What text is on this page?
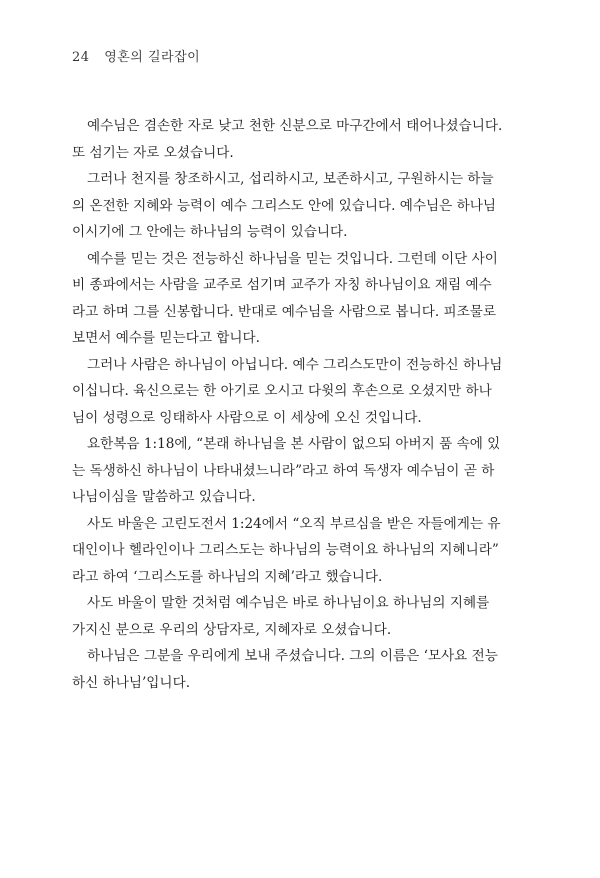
24 영혼의 길라잡이

예수님은 겸손한 자로 낮고 천한 신분으로 마구간에서 태어나셨습니다.
또 섬기는 자로 오셨습니다.

그러나 천지를 창조하시고, 섭리하시고, 보존하시고, 구원하시는 하늘
의 온전한 지혜와 능력이 예수 그리스도 안에 있습니다. 예수님은 하나님
이시기에 그 안에는 하나님의 능력이 있습니다.

예수를 믿는 것은 전능하신 하나님을 믿는 것입니다. 그런데 이단 사이
비 종파에서는 사람을 교주로 섬기며 교주가 자칭 하나님이요 재림 예수
라고 하며 그를 신봉합니다. 반대로 예수님을 사람으로 봅니다. 피조물로
보면서 예수를 믿는다고 합니다.

그러나 사람은 하나님이 아닙니다. 예수 그리스도만이 전능하신 하나님
이십니다. 육신으로는 한 아기로 오시고 다윗의 후손으로 오셨지만 하나
님이 성령으로 잉태하사 사람으로 이 세상에 오신 것입니다.

요한복음 1:18에, “본래 하나님을 본 사람이 없으되 아버지 품 속에 있
는 독생하신 하나님이 나타내셨느니라”라고 하여 독생자 예수님이 곧 하
나님이심을 말씀하고 있습니다.

사도 바울은 고린도전서 1:24에서 “오직 부르심을 받은 자들에게는 유
대인이나 헬라인이나 그리스도는 하나님의 능력이요 하나님의 지혜니라”
라고 하여 ‘그리스도를 하나님의 지혜’라고 했습니다.

사도 바울이 말한 것처럼 예수님은 바로 하나님이요 하나님의 지혜를
가지신 분으로 우리의 상담자로, 지혜자로 오셨습니다.

하나님은 그분을 우리에게 보내 주셨습니다. 그의 이름은 ‘모사요 전능
하신 하나님’입니다.
